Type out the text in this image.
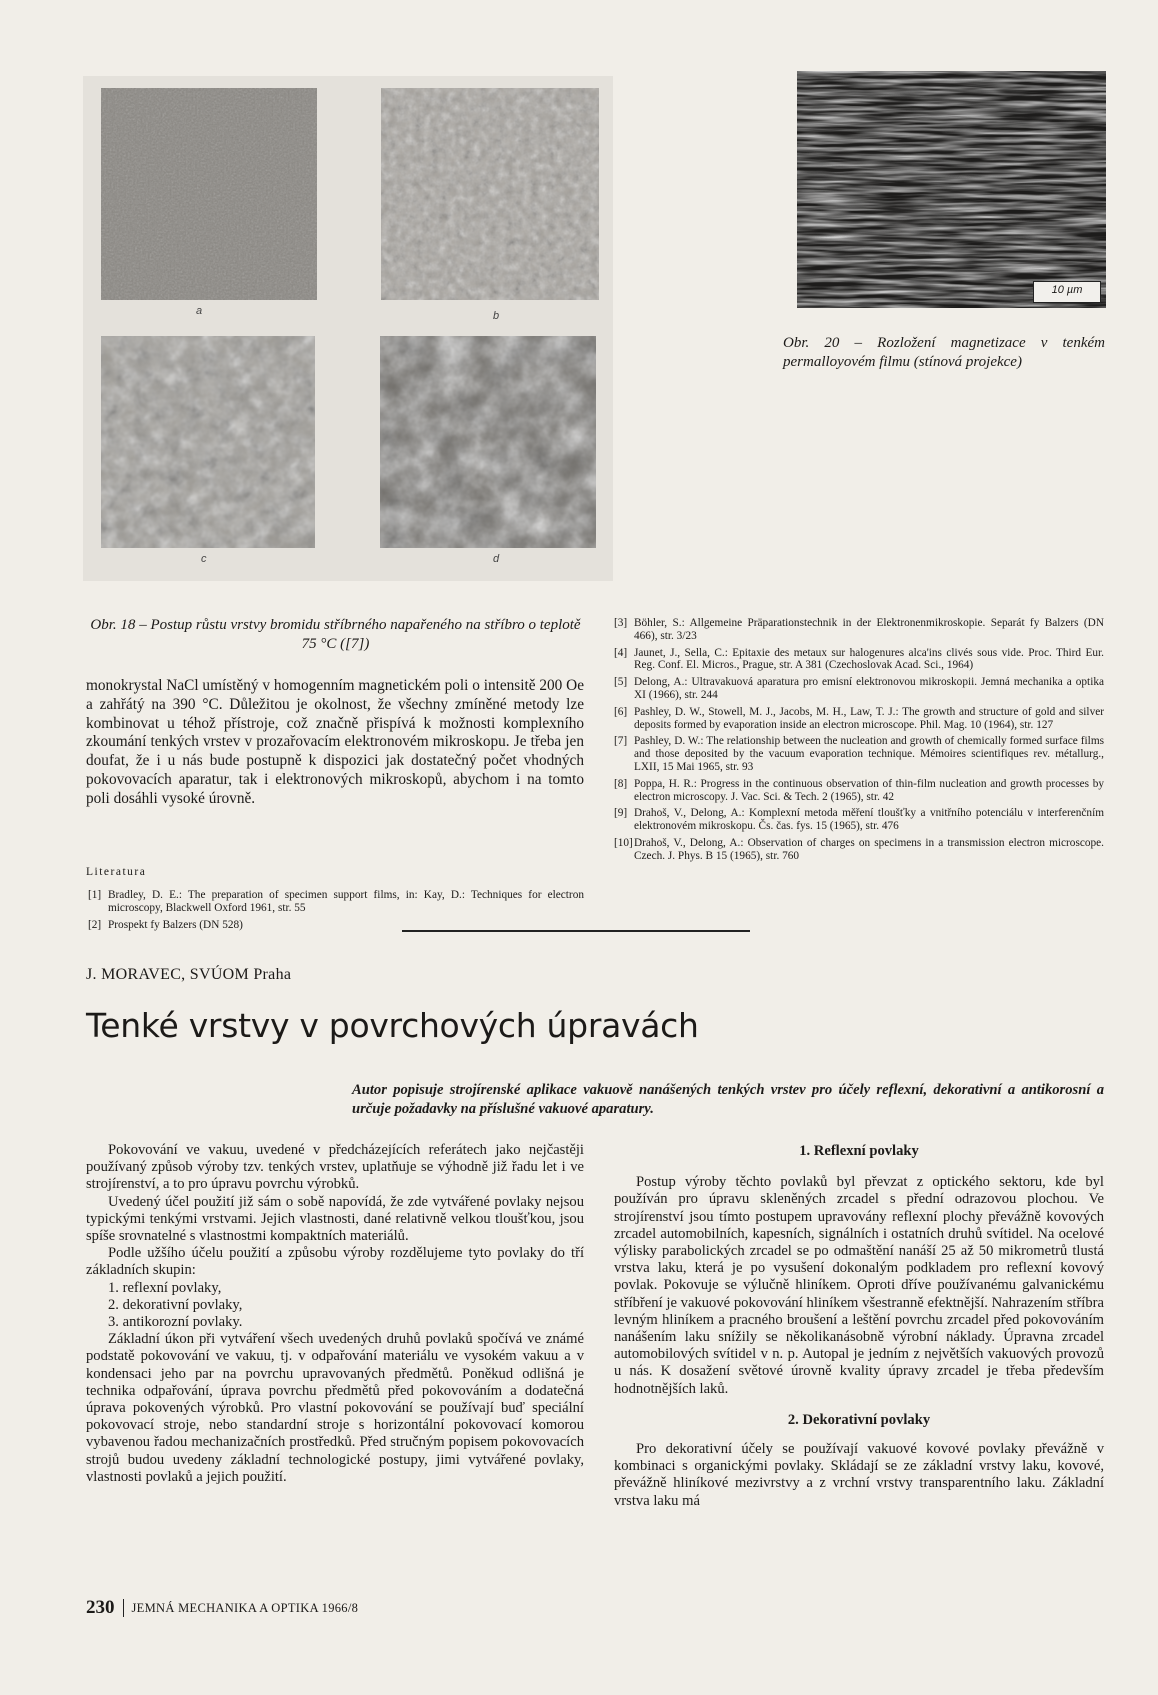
a	b
c	d
10 µm
Obr. 20 – Rozložení magnetizace v tenkém permalloyovém filmu (stínová projekce)
Obr. 18 – Postup růstu vrstvy bromidu stříbrného napařeného na stříbro o teplotě 75 °C ([7])

monokrystal NaCl umístěný v homogenním magnetickém poli o intensitě 200 Oe a zahřátý na 390 °C. Důležitou je okolnost, že všechny zmíněné metody lze kombinovat u téhož přístroje, což značně přispívá k možnosti komplexního zkoumání tenkých vrstev v prozařovacím elektronovém mikroskopu. Je třeba jen doufat, že i u nás bude postupně k dispozici jak dostatečný počet vhodných pokovovacích aparatur, tak i elektronových mikroskopů, abychom i na tomto poli dosáhli vysoké úrovně.

Literatura
[1] Bradley, D. E.: The preparation of specimen support films, in: Kay, D.: Techniques for electron microscopy, Blackwell Oxford 1961, str. 55
[2] Prospekt fy Balzers (DN 528)
[3] Böhler, S.: Allgemeine Präparationstechnik in der Elektronenmikroskopie. Separát fy Balzers (DN 466), str. 3/23
[4] Jaunet, J., Sella, C.: Epitaxie des metaux sur halogenures alca'ins clivés sous vide. Proc. Third Eur. Reg. Conf. El. Micros., Prague, str. A 381 (Czechoslovak Acad. Sci., 1964)
[5] Delong, A.: Ultravakuová aparatura pro emisní elektronovou mikroskopii. Jemná mechanika a optika XI (1966), str. 244
[6] Pashley, D. W., Stowell, M. J., Jacobs, M. H., Law, T. J.: The growth and structure of gold and silver deposits formed by evaporation inside an electron microscope. Phil. Mag. 10 (1964), str. 127
[7] Pashley, D. W.: The relationship between the nucleation and growth of chemically formed surface films and those deposited by the vacuum evaporation technique. Mémoires scientifiques rev. métallurg., LXII, 15 Mai 1965, str. 93
[8] Poppa, H. R.: Progress in the continuous observation of thin-film nucleation and growth processes by electron microscopy. J. Vac. Sci. & Tech. 2 (1965), str. 42
[9] Drahoš, V., Delong, A.: Komplexní metoda měření tloušťky a vnitřního potenciálu v interferenčním elektronovém mikroskopu. Čs. čas. fys. 15 (1965), str. 476
[10] Drahoš, V., Delong, A.: Observation of charges on specimens in a transmission electron microscope. Czech. J. Phys. B 15 (1965), str. 760
J. MORAVEC, SVÚOM Praha
Tenké vrstvy v povrchových úpravách
Autor popisuje strojírenské aplikace vakuově nanášených tenkých vrstev pro účely reflexní, dekorativní a antikorosní a určuje požadavky na příslušné vakuové aparatury.

Pokovování ve vakuu, uvedené v předcházejících referátech jako nejčastěji používaný způsob výroby tzv. tenkých vrstev, uplatňuje se výhodně již řadu let i ve strojírenství, a to pro úpravu povrchu výrobků.

Uvedený účel použití již sám o sobě napovídá, že zde vytvářené povlaky nejsou typickými tenkými vrstvami. Jejich vlastnosti, dané relativně velkou tloušťkou, jsou spíše srovnatelné s vlastnostmi kompaktních materiálů.

Podle užšího účelu použití a způsobu výroby rozdělujeme tyto povlaky do tří základních skupin:

1. reflexní povlaky,
2. dekorativní povlaky,
3. antikorozní povlaky.

Základní úkon při vytváření všech uvedených druhů povlaků spočívá ve známé podstatě pokovování ve vakuu, tj. v odpařování materiálu ve vysokém vakuu a v kondensaci jeho par na povrchu upravovaných předmětů. Poněkud odlišná je technika odpařování, úprava povrchu předmětů před pokovováním a dodatečná úprava pokovených výrobků. Pro vlastní pokovování se používají buď speciální pokovovací stroje, nebo standardní stroje s horizontální pokovovací komorou vybavenou řadou mechanizačních prostředků. Před stručným popisem pokovovacích strojů budou uvedeny základní technologické postupy, jimi vytvářené povlaky, vlastnosti povlaků a jejich použití.

1. Reflexní povlaky

Postup výroby těchto povlaků byl převzat z optického sektoru, kde byl používán pro úpravu skleněných zrcadel s přední odrazovou plochou. Ve strojírenství jsou tímto postupem upravovány reflexní plochy převážně kovových zrcadel automobilních, kapesních, signálních i ostatních druhů svítidel. Na ocelové výlisky parabolických zrcadel se po odmaštění nanáší 25 až 50 mikrometrů tlustá vrstva laku, která je po vysušení dokonalým podkladem pro reflexní kovový povlak. Pokovuje se výlučně hliníkem. Oproti dříve používanému galvanickému stříbření je vakuové pokovování hliníkem všestranně efektnější. Nahrazením stříbra levným hliníkem a pracného broušení a leštění povrchu zrcadel před pokovováním nanášením laku snížily se několikanásobně výrobní náklady. Úpravna zrcadel automobilových svítidel v n. p. Autopal je jedním z největších vakuových provozů u nás. K dosažení světové úrovně kvality úpravy zrcadel je třeba především hodnotnějších laků.

2. Dekorativní povlaky

Pro dekorativní účely se používají vakuové kovové povlaky převážně v kombinaci s organickými povlaky. Skládají se ze základní vrstvy laku, kovové, převážně hliníkové mezivrstvy a z vrchní vrstvy transparentního laku. Základní vrstva laku má

230 JEMNÁ MECHANIKA A OPTIKA 1966/8
